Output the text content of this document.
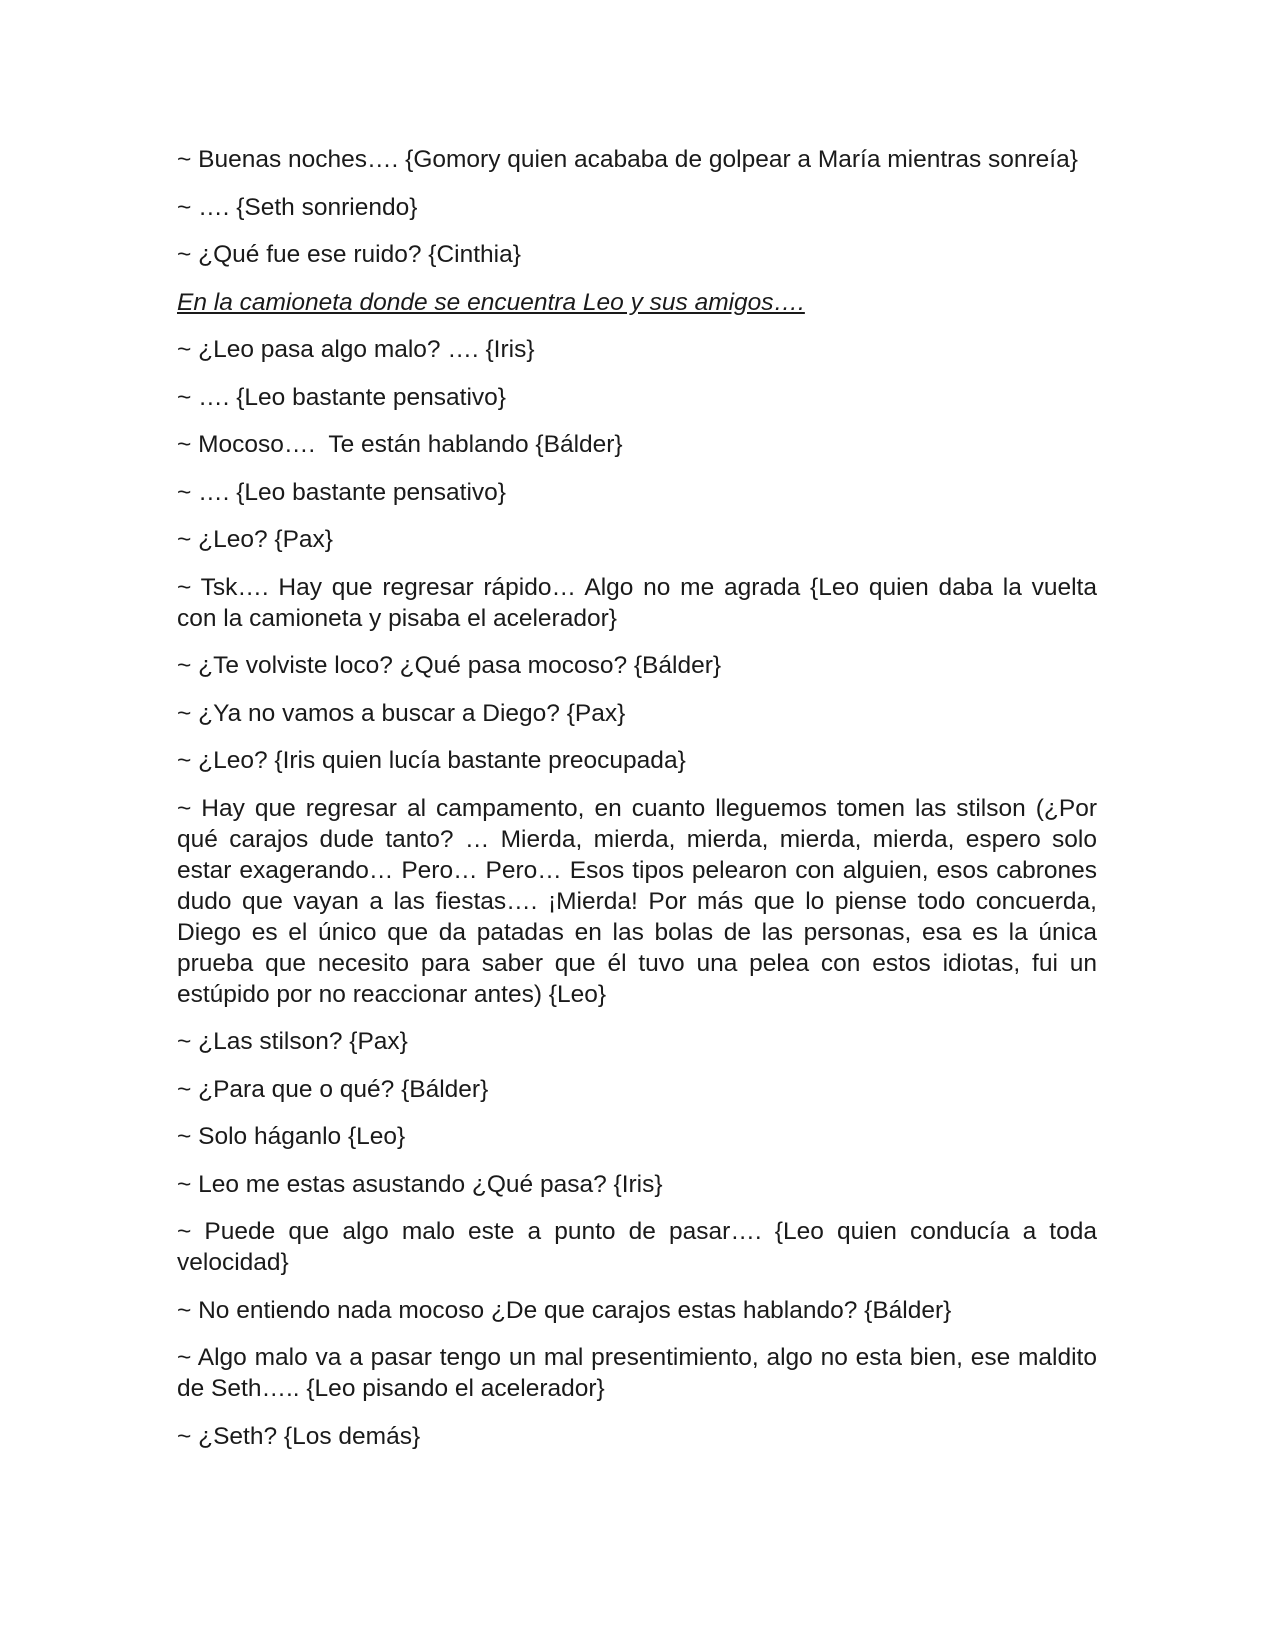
~ Buenas noches…. {Gomory quien acababa de golpear a María mientras sonreía}

~ …. {Seth sonriendo}

~ ¿Qué fue ese ruido? {Cinthia}

En la camioneta donde se encuentra Leo y sus amigos….

~ ¿Leo pasa algo malo? …. {Iris}

~ …. {Leo bastante pensativo}

~ Mocoso….  Te están hablando {Bálder}

~ …. {Leo bastante pensativo}

~ ¿Leo? {Pax}

~ Tsk…. Hay que regresar rápido… Algo no me agrada {Leo quien daba la vuelta con la camioneta y pisaba el acelerador}

~ ¿Te volviste loco? ¿Qué pasa mocoso? {Bálder}

~ ¿Ya no vamos a buscar a Diego? {Pax}

~ ¿Leo? {Iris quien lucía bastante preocupada}

~ Hay que regresar al campamento, en cuanto lleguemos tomen las stilson (¿Por qué carajos dude tanto? … Mierda, mierda, mierda, mierda, mierda, espero solo estar exagerando… Pero… Pero… Esos tipos pelearon con alguien, esos cabrones dudo que vayan a las fiestas…. ¡Mierda! Por más que lo piense todo concuerda, Diego es el único que da patadas en las bolas de las personas, esa es la única prueba que necesito para saber que él tuvo una pelea con estos idiotas, fui un estúpido por no reaccionar antes) {Leo}

~ ¿Las stilson? {Pax}

~ ¿Para que o qué? {Bálder}

~ Solo háganlo {Leo}

~ Leo me estas asustando ¿Qué pasa? {Iris}

~ Puede que algo malo este a punto de pasar…. {Leo quien conducía a toda velocidad}

~ No entiendo nada mocoso ¿De que carajos estas hablando? {Bálder}

~ Algo malo va a pasar tengo un mal presentimiento, algo no esta bien, ese maldito de Seth….. {Leo pisando el acelerador}

~ ¿Seth? {Los demás}
